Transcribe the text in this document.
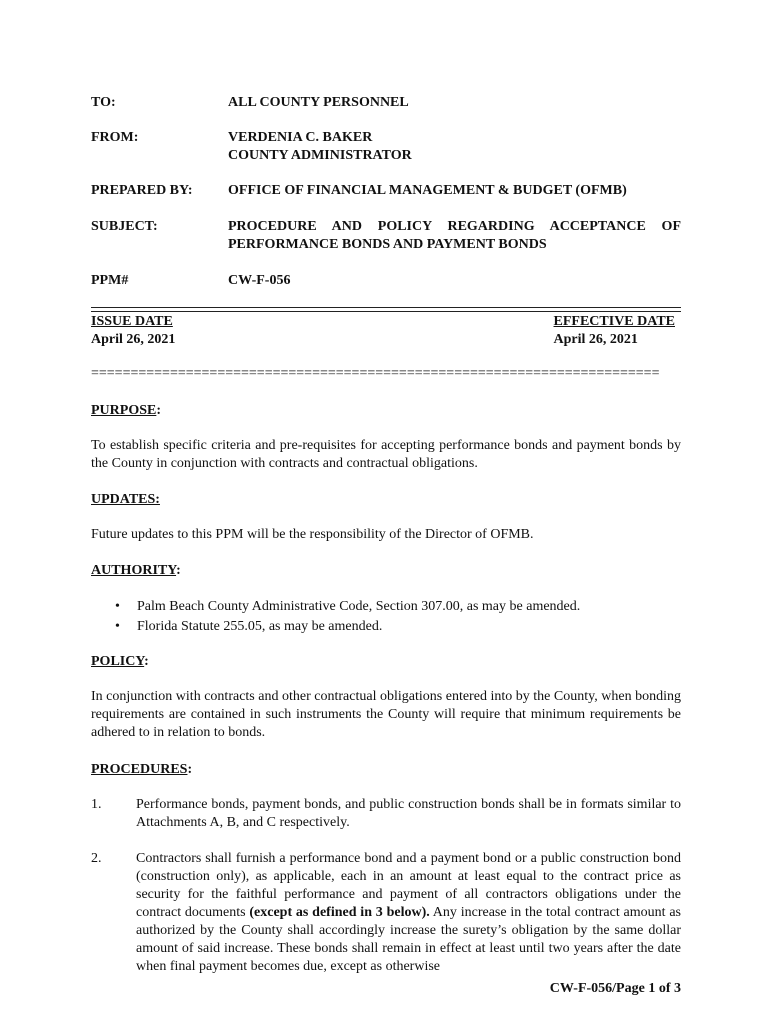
TO:	ALL COUNTY PERSONNEL
FROM:	VERDENIA C. BAKER
COUNTY ADMINISTRATOR
PREPARED BY:	OFFICE OF FINANCIAL MANAGEMENT & BUDGET (OFMB)
SUBJECT:	PROCEDURE AND POLICY REGARDING ACCEPTANCE OF
PERFORMANCE BONDS AND PAYMENT BONDS
PPM#	CW-F-056
ISSUE DATE
April 26, 2021
EFFECTIVE DATE
April 26, 2021
========================================================================
PURPOSE:
To establish specific criteria and pre-requisites for accepting performance bonds and payment bonds by the County in conjunction with contracts and contractual obligations.
UPDATES:
Future updates to this PPM will be the responsibility of the Director of OFMB.
AUTHORITY:
• Palm Beach County Administrative Code, Section 307.00, as may be amended.
• Florida Statute 255.05, as may be amended.
POLICY:
In conjunction with contracts and other contractual obligations entered into by the County, when bonding requirements are contained in such instruments the County will require that minimum requirements be adhered to in relation to bonds.
PROCEDURES:
1. Performance bonds, payment bonds, and public construction bonds shall be in formats similar to Attachments A, B, and C respectively.
2. Contractors shall furnish a performance bond and a payment bond or a public construction bond (construction only), as applicable, each in an amount at least equal to the contract price as security for the faithful performance and payment of all contractors obligations under the contract documents (except as defined in 3 below). Any increase in the total contract amount as authorized by the County shall accordingly increase the surety’s obligation by the same dollar amount of said increase. These bonds shall remain in effect at least until two years after the date when final payment becomes due, except as otherwise
CW-F-056/Page 1 of 3
